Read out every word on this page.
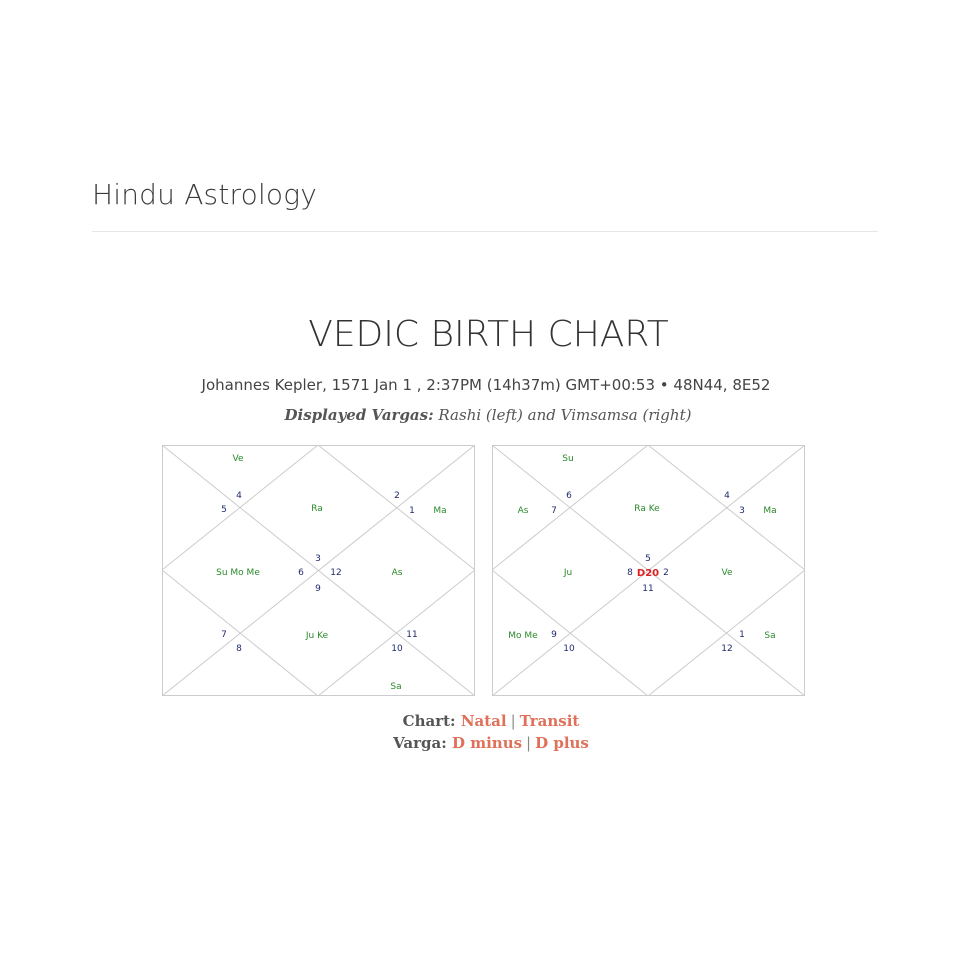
Hindu Astrology
VEDIC BIRTH CHART
Johannes Kepler, 1571 Jan 1 , 2:37PM (14h37m) GMT+00:53 • 48N44, 8E52
Displayed Vargas: Rashi (left) and Vimsamsa (right)
4
5
3
2
1
6	12
9
7
8
11
10
Ve
Ra	Ma
Su Mo Me	As
Ju Ke
Sa
6
7
5
4
3
8	2
11
9
10
1
12
D20
Su
As	Ra Ke	Ma
Ju	Ve
Mo Me	Sa
Chart: Natal | Transit
Varga: D minus | D plus
